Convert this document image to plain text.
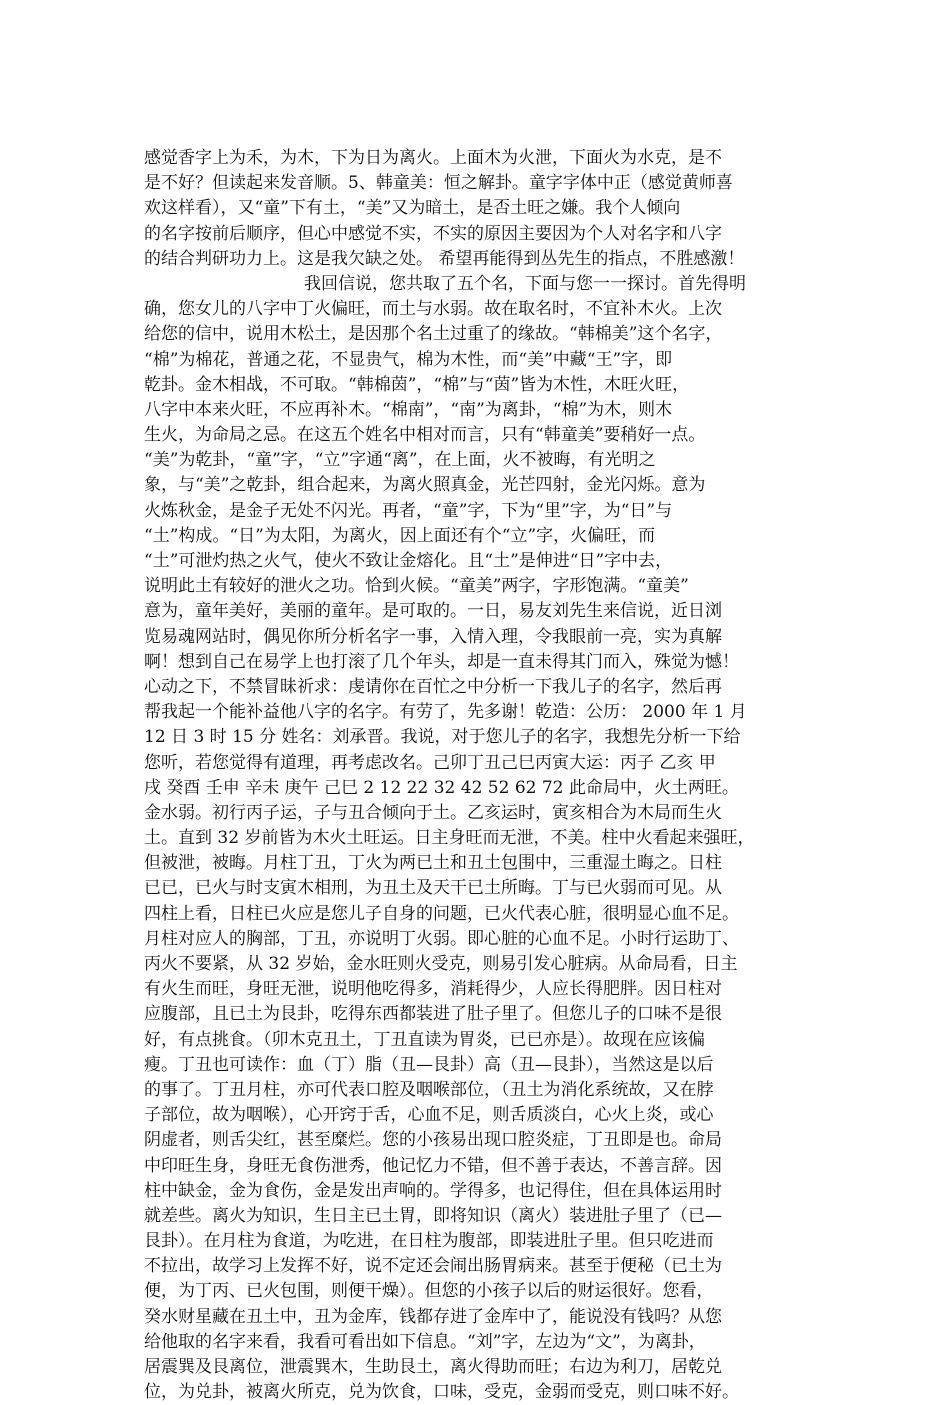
感觉香字上为禾，为木，下为日为离火。上面木为火泄，下面火为水克，是不
是不好？但读起来发音顺。5、韩童美：恒之解卦。童字字体中正（感觉黄师喜
欢这样看），又“童”下有土，“美”又为暗土，是否土旺之嫌。我个人倾向
的名字按前后顺序，但心中感觉不实，不实的原因主要因为个人对名字和八字
的结合判研功力上。这是我欠缺之处。 希望再能得到丛先生的指点，不胜感激！
我回信说，您共取了五个名，下面与您一一探讨。首先得明
确，您女儿的八字中丁火偏旺，而土与水弱。故在取名时，不宜补木火。上次
给您的信中，说用木松土，是因那个名土过重了的缘故。“韩棉美”这个名字，
“棉”为棉花，普通之花，不显贵气，棉为木性，而“美”中藏“王”字，即
乾卦。金木相战，不可取。“韩棉茵”，“棉”与“茵”皆为木性，木旺火旺，
八字中本来火旺，不应再补木。“棉南”，“南”为离卦，“棉”为木，则木
生火，为命局之忌。在这五个姓名中相对而言，只有“韩童美”要稍好一点。
“美”为乾卦，“童”字，“立”字通“离”，在上面，火不被晦，有光明之
象，与“美”之乾卦，组合起来，为离火照真金，光芒四射，金光闪烁。意为
火炼秋金，是金子无处不闪光。再者，“童”字，下为“里”字，为“日”与
“土”构成。“日”为太阳，为离火，因上面还有个“立”字，火偏旺，而
“土”可泄灼热之火气，使火不致让金熔化。且“土”是伸进“日”字中去，
说明此土有较好的泄火之功。恰到火候。“童美”两字，字形饱满。“童美”
意为，童年美好，美丽的童年。是可取的。一日，易友刘先生来信说，近日浏
览易魂网站时，偶见你所分析名字一事，入情入理，令我眼前一亮，实为真解
啊！想到自己在易学上也打滚了几个年头，却是一直未得其门而入，殊觉为憾！
心动之下，不禁冒昧祈求：虔请你在百忙之中分析一下我儿子的名字，然后再
帮我起一个能补益他八字的名字。有劳了，先多谢！乾造：公历： 2000 年 1 月
12 日 3 时 15 分 姓名：刘承晋。我说，对于您儿子的名字，我想先分析一下给
您听，若您觉得有道理，再考虑改名。己卯丁丑己巳丙寅大运：丙子 乙亥 甲
戌 癸酉 壬申 辛未 庚午 己巳 2 12 22 32 42 52 62 72 此命局中，火土两旺。
金水弱。初行丙子运，子与丑合倾向于土。乙亥运时，寅亥相合为木局而生火
土。直到 32 岁前皆为木火土旺运。日主身旺而无泄，不美。柱中火看起来强旺，
但被泄，被晦。月柱丁丑，丁火为两已土和丑土包围中，三重湿土晦之。日柱
已已，已火与时支寅木相刑，为丑土及天干已土所晦。丁与已火弱而可见。从
四柱上看，日柱已火应是您儿子自身的问题，已火代表心脏，很明显心血不足。
月柱对应人的胸部，丁丑，亦说明丁火弱。即心脏的心血不足。小时行运助丁、
丙火不要紧，从 32 岁始，金水旺则火受克，则易引发心脏病。从命局看，日主
有火生而旺，身旺无泄，说明他吃得多，消耗得少，人应长得肥胖。因日柱对
应腹部，且已土为艮卦，吃得东西都装进了肚子里了。但您儿子的口味不是很
好，有点挑食。（卯木克丑土，丁丑直读为胃炎，已已亦是）。故现在应该偏
瘦。丁丑也可读作：血（丁）脂（丑—艮卦）高（丑—艮卦），当然这是以后
的事了。丁丑月柱，亦可代表口腔及咽喉部位，（丑土为消化系统故，又在脖
子部位，故为咽喉），心开窍于舌，心血不足，则舌质淡白，心火上炎，或心
阴虚者，则舌尖红，甚至糜烂。您的小孩易出现口腔炎症，丁丑即是也。命局
中印旺生身，身旺无食伤泄秀，他记忆力不错，但不善于表达，不善言辞。因
柱中缺金，金为食伤，金是发出声响的。学得多，也记得住，但在具体运用时
就差些。离火为知识，生日主已土胃，即将知识（离火）装进肚子里了（已—
艮卦）。在月柱为食道，为吃进，在日柱为腹部，即装进肚子里。但只吃进而
不拉出，故学习上发挥不好，说不定还会闹出肠胃病来。甚至于便秘（已土为
便，为丁丙、已火包围，则便干燥）。但您的小孩子以后的财运很好。您看，
癸水财星藏在丑土中，丑为金库，钱都存进了金库中了，能说没有钱吗？从您
给他取的名字来看，我看可看出如下信息。“刘”字，左边为“文”，为离卦，
居震巽及艮离位，泄震巽木，生助艮土，离火得助而旺；右边为利刀，居乾兑
位，为兑卦，被离火所克，兑为饮食，口味，受克，金弱而受克，则口味不好。
